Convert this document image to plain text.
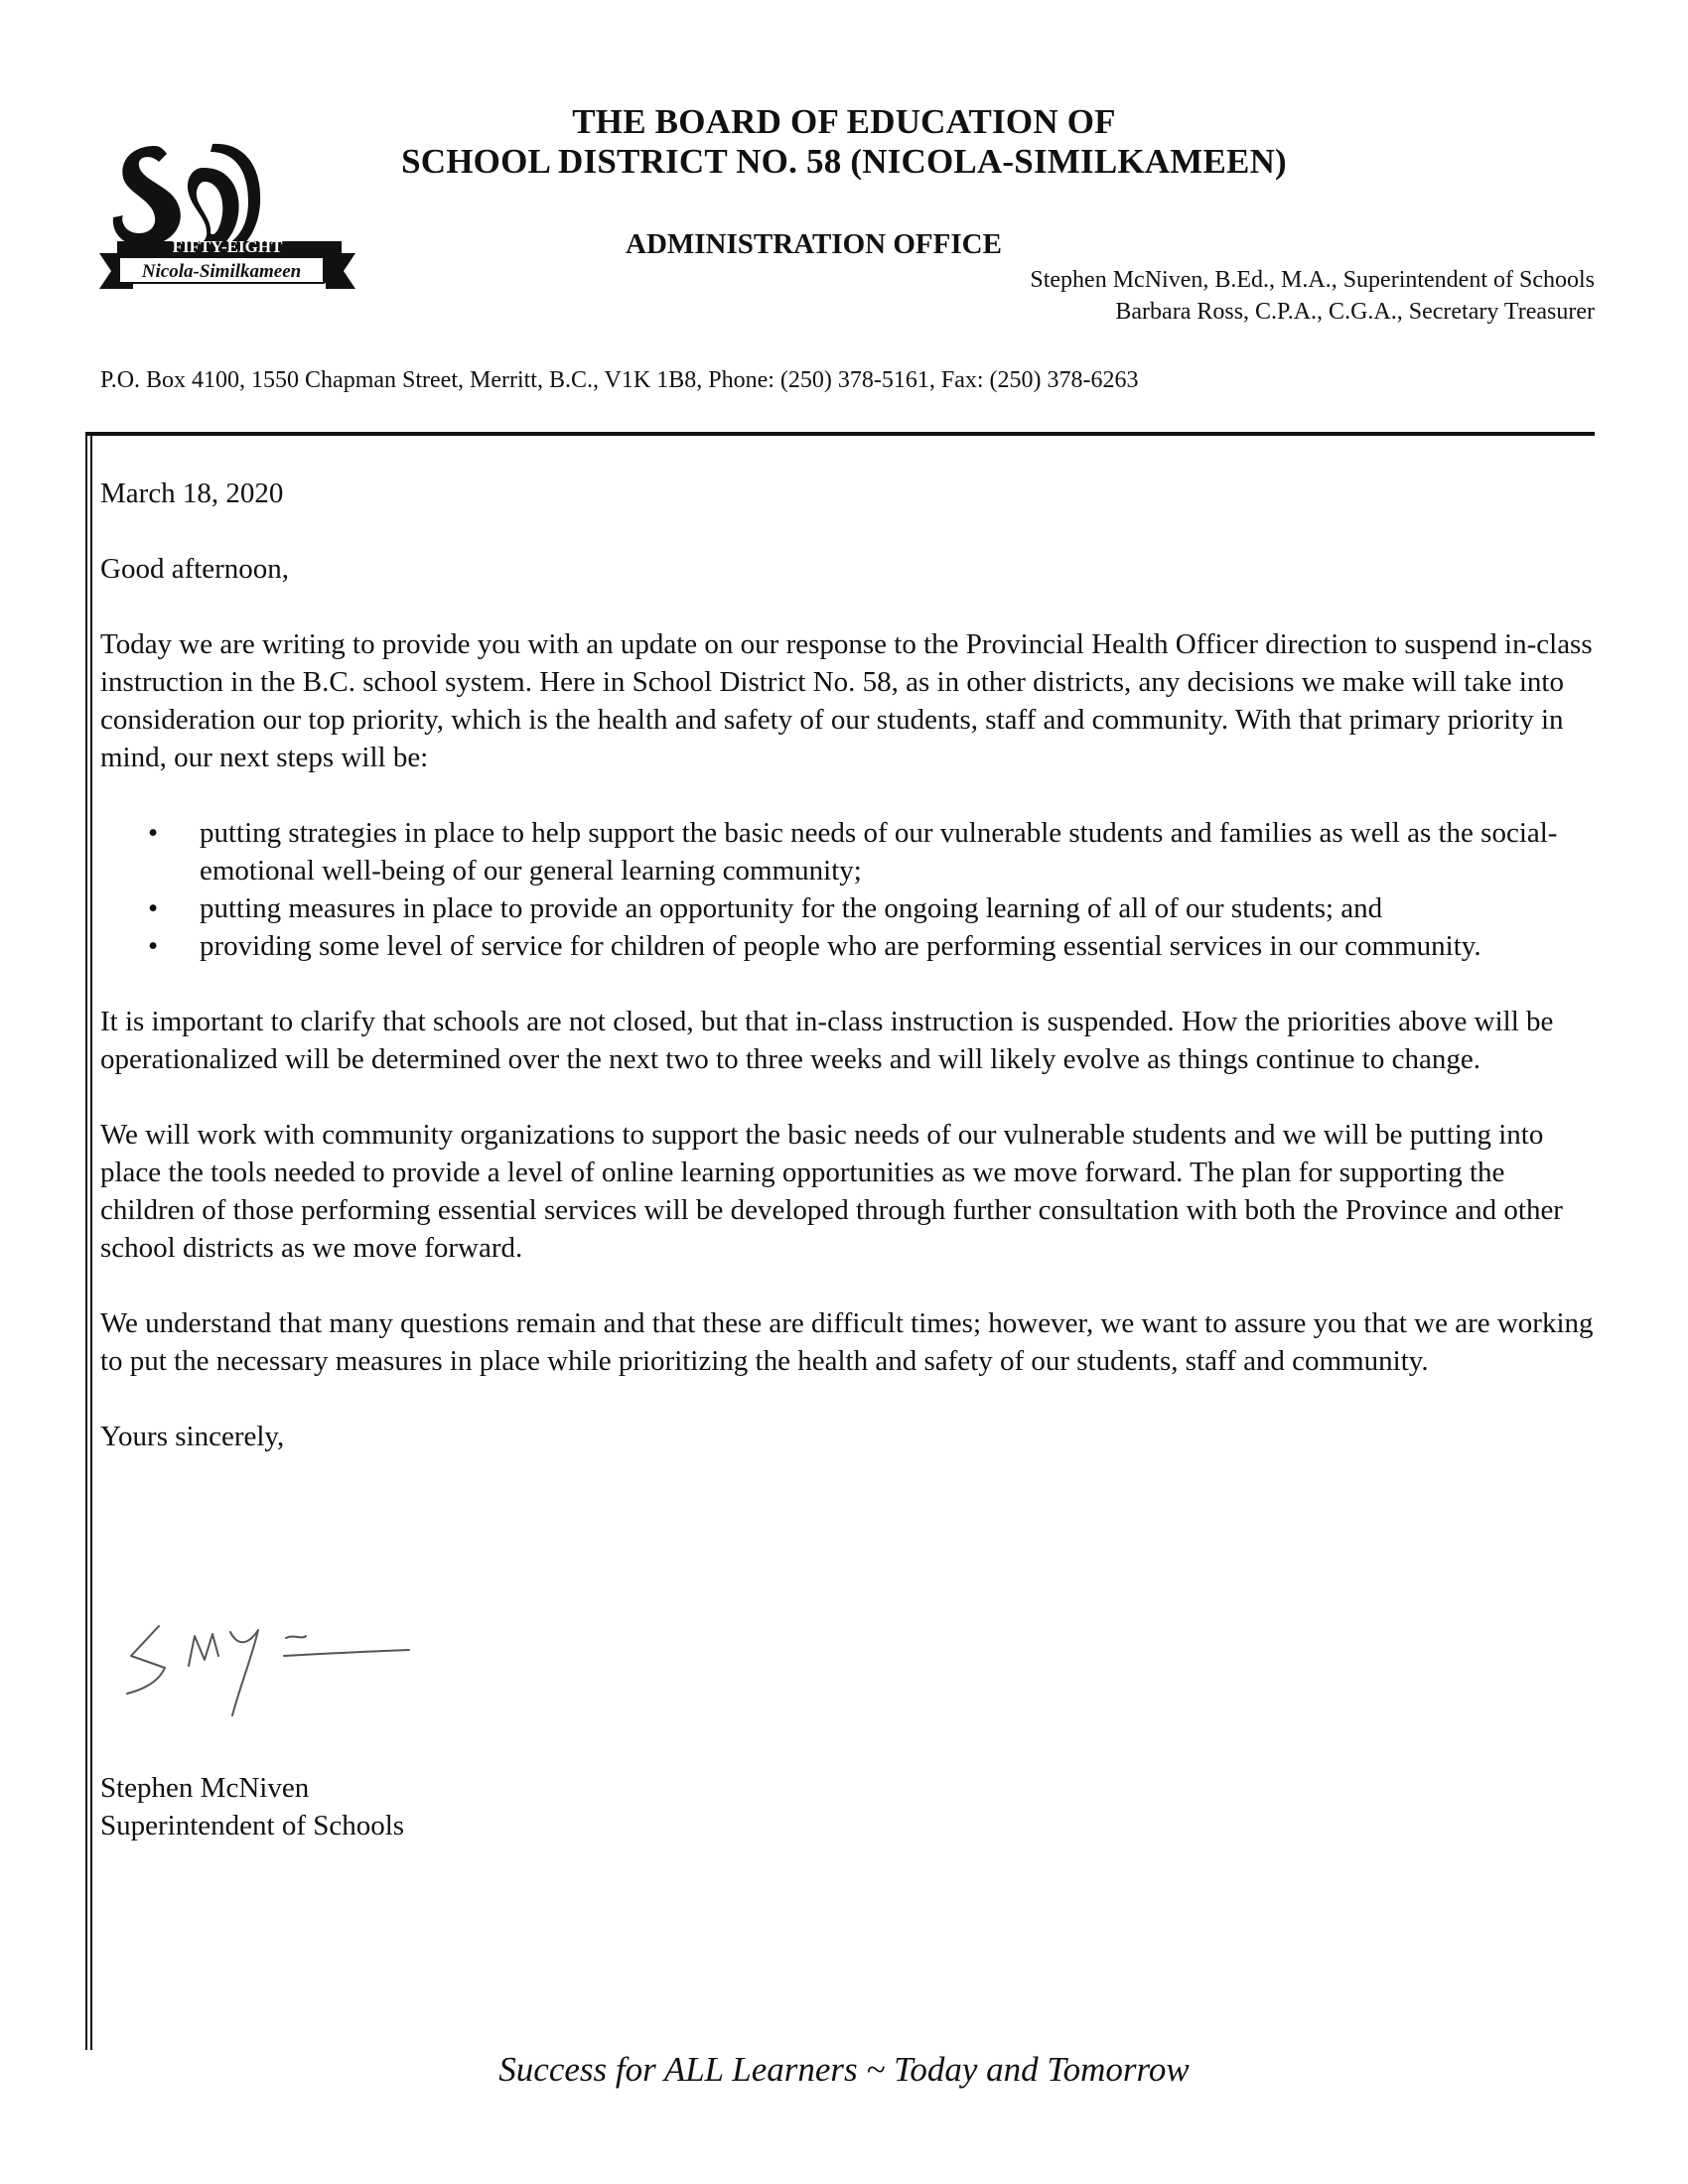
FIFTY-EIGHT
Nicola-Similkameen
THE BOARD OF EDUCATION OF
SCHOOL DISTRICT NO. 58 (NICOLA-SIMILKAMEEN)
ADMINISTRATION OFFICE
Stephen McNiven, B.Ed., M.A., Superintendent of Schools
Barbara Ross, C.P.A., C.G.A., Secretary Treasurer
P.O. Box 4100, 1550 Chapman Street, Merritt, B.C., V1K 1B8, Phone: (250) 378-5161, Fax: (250) 378-6263

March 18, 2020

Good afternoon,

Today we are writing to provide you with an update on our response to the Provincial Health Officer direction to suspend in-class instruction in the B.C. school system. Here in School District No. 58, as in other districts, any decisions we make will take into consideration our top priority, which is the health and safety of our students, staff and community. With that primary priority in mind, our next steps will be:

• putting strategies in place to help support the basic needs of our vulnerable students and families as well as the social-emotional well-being of our general learning community;
• putting measures in place to provide an opportunity for the ongoing learning of all of our students; and
• providing some level of service for children of people who are performing essential services in our community.

It is important to clarify that schools are not closed, but that in-class instruction is suspended. How the priorities above will be operationalized will be determined over the next two to three weeks and will likely evolve as things continue to change.

We will work with community organizations to support the basic needs of our vulnerable students and we will be putting into place the tools needed to provide a level of online learning opportunities as we move forward. The plan for supporting the children of those performing essential services will be developed through further consultation with both the Province and other school districts as we move forward.

We understand that many questions remain and that these are difficult times; however, we want to assure you that we are working to put the necessary measures in place while prioritizing the health and safety of our students, staff and community.

Yours sincerely,

Stephen McNiven
Superintendent of Schools
Success for ALL Learners ~ Today and Tomorrow
